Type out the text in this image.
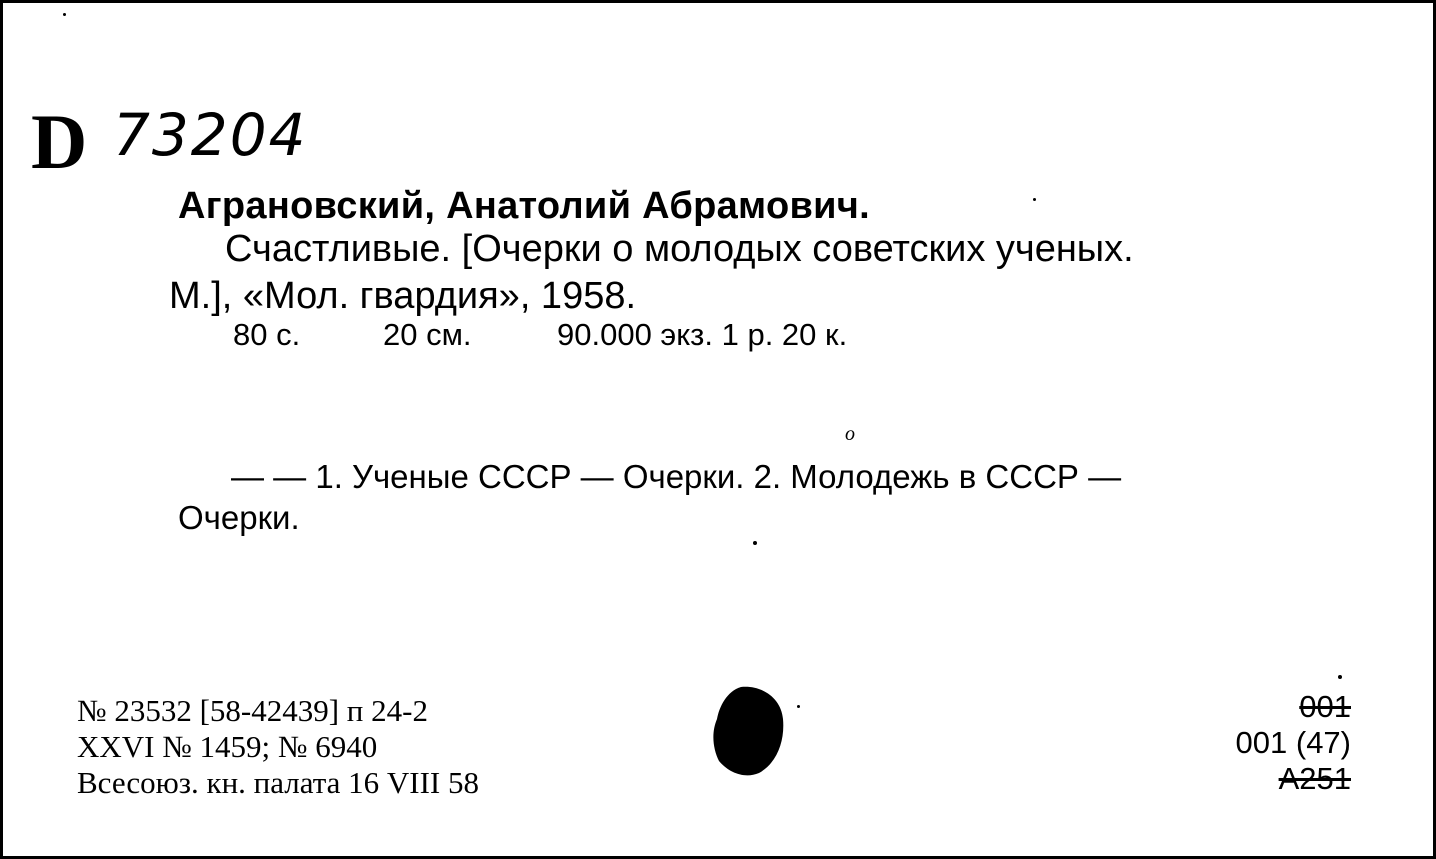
D 73204
Аграновский, Анатолий Абрамович.
Счастливые. [Очерки о молодых советских ученых.
М.], «Мол. гвардия», 1958.
80 с.	20 см.	90.000 экз. 1 р. 20 к.
o
— — 1. Ученые СССР — Очерки. 2. Молодежь в СССР —
Очерки.
№ 23532 [58-42439] п 24-2
XXVI № 1459; № 6940
Всесоюз. кн. палата 16 VIII 58
001
001 (47)
A251
